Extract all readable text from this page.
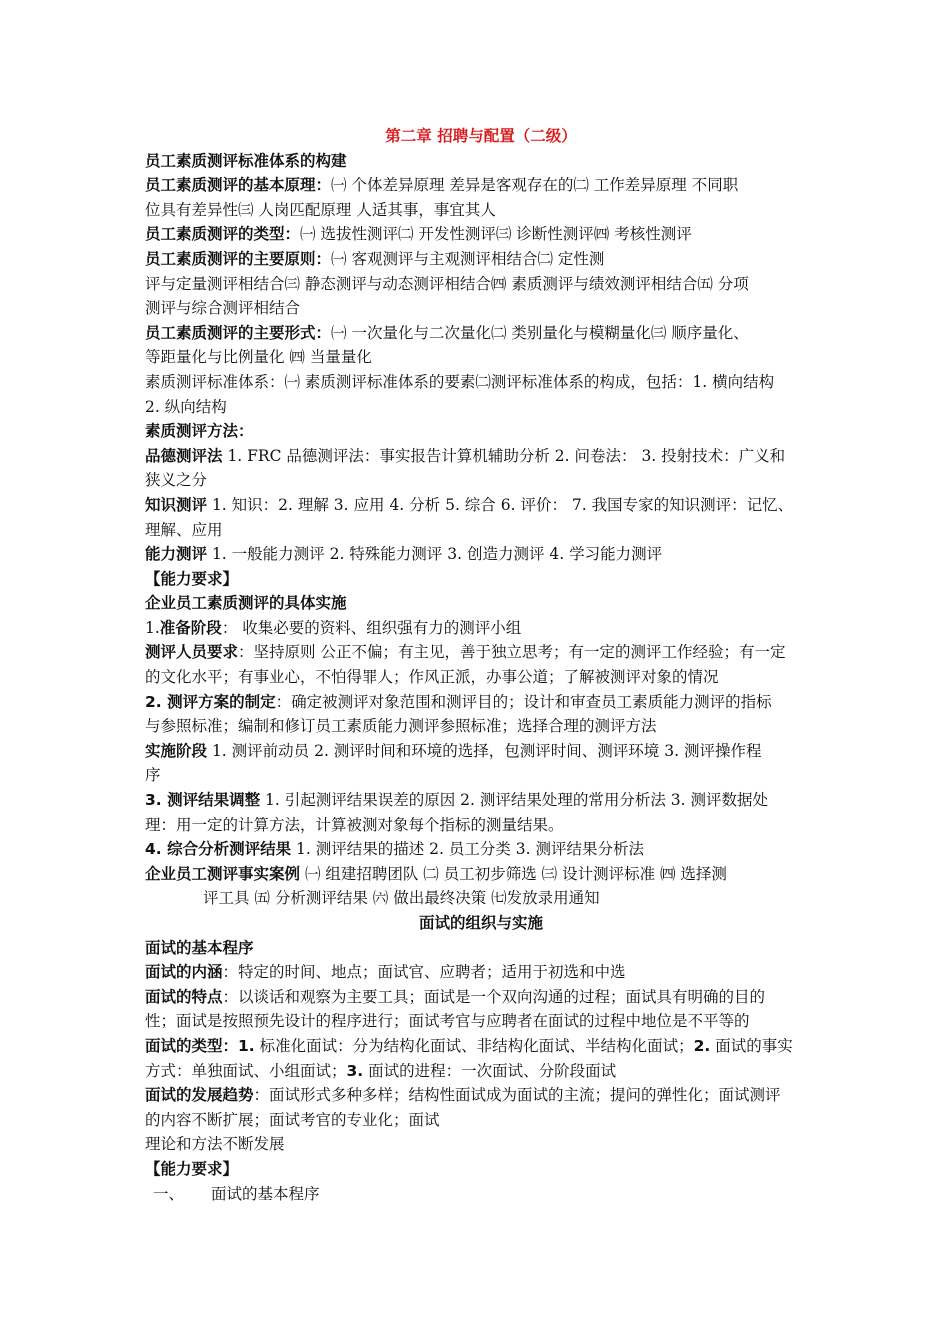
第二章 招聘与配置（二级）

员工素质测评标准体系的构建

员工素质测评的基本原理：㈠ 个体差异原理 差异是客观存在的㈡ 工作差异原理 不同职
位具有差异性㈢ 人岗匹配原理 人适其事，事宜其人

员工素质测评的类型：㈠ 选拔性测评㈡ 开发性测评㈢ 诊断性测评㈣ 考核性测评

员工素质测评的主要原则：㈠ 客观测评与主观测评相结合㈡ 定性测
评与定量测评相结合㈢ 静态测评与动态测评相结合㈣ 素质测评与绩效测评相结合㈤ 分项
测评与综合测评相结合

员工素质测评的主要形式：㈠ 一次量化与二次量化㈡ 类别量化与模糊量化㈢ 顺序量化、
等距量化与比例量化 ㈣ 当量量化

素质测评标准体系：㈠ 素质测评标准体系的要素㈡测评标准体系的构成，包括：1. 横向结构
2. 纵向结构

素质测评方法：

品德测评法 1. FRC 品德测评法：事实报告计算机辅助分析 2. 问卷法： 3. 投射技术：广义和
狭义之分

知识测评 1. 知识：2. 理解 3. 应用 4. 分析 5. 综合 6. 评价： 7. 我国专家的知识测评：记忆、
理解、应用

能力测评 1. 一般能力测评 2. 特殊能力测评 3. 创造力测评 4. 学习能力测评

【能力要求】

企业员工素质测评的具体实施

1.准备阶段： 收集必要的资料、组织强有力的测评小组

测评人员要求：坚持原则 公正不偏；有主见，善于独立思考；有一定的测评工作经验；有一定
的文化水平；有事业心，不怕得罪人；作风正派，办事公道；了解被测评对象的情况

2. 测评方案的制定：确定被测评对象范围和测评目的；设计和审查员工素质能力测评的指标
与参照标准；编制和修订员工素质能力测评参照标准；选择合理的测评方法

实施阶段 1. 测评前动员 2. 测评时间和环境的选择，包测评时间、测评环境 3. 测评操作程
序

3. 测评结果调整 1. 引起测评结果误差的原因 2. 测评结果处理的常用分析法 3. 测评数据处
理：用一定的计算方法，计算被测对象每个指标的测量结果。

4. 综合分析测评结果 1. 测评结果的描述 2. 员工分类 3. 测评结果分析法

企业员工测评事实案例 ㈠ 组建招聘团队 ㈡ 员工初步筛选 ㈢ 设计测评标准 ㈣ 选择测
评工具 ㈤ 分析测评结果 ㈥ 做出最终决策 ㈦发放录用通知

面试的组织与实施

面试的基本程序

面试的内涵：特定的时间、地点；面试官、应聘者；适用于初选和中选

面试的特点：以谈话和观察为主要工具；面试是一个双向沟通的过程；面试具有明确的目的
性；面试是按照预先设计的程序进行；面试考官与应聘者在面试的过程中地位是不平等的

面试的类型：1. 标准化面试：分为结构化面试、非结构化面试、半结构化面试；2. 面试的事实
方式：单独面试、小组面试；3. 面试的进程：一次面试、分阶段面试

面试的发展趋势：面试形式多种多样；结构性面试成为面试的主流；提问的弹性化；面试测评
的内容不断扩展；面试考官的专业化；面试
理论和方法不断发展

【能力要求】

一、 面试的基本程序
